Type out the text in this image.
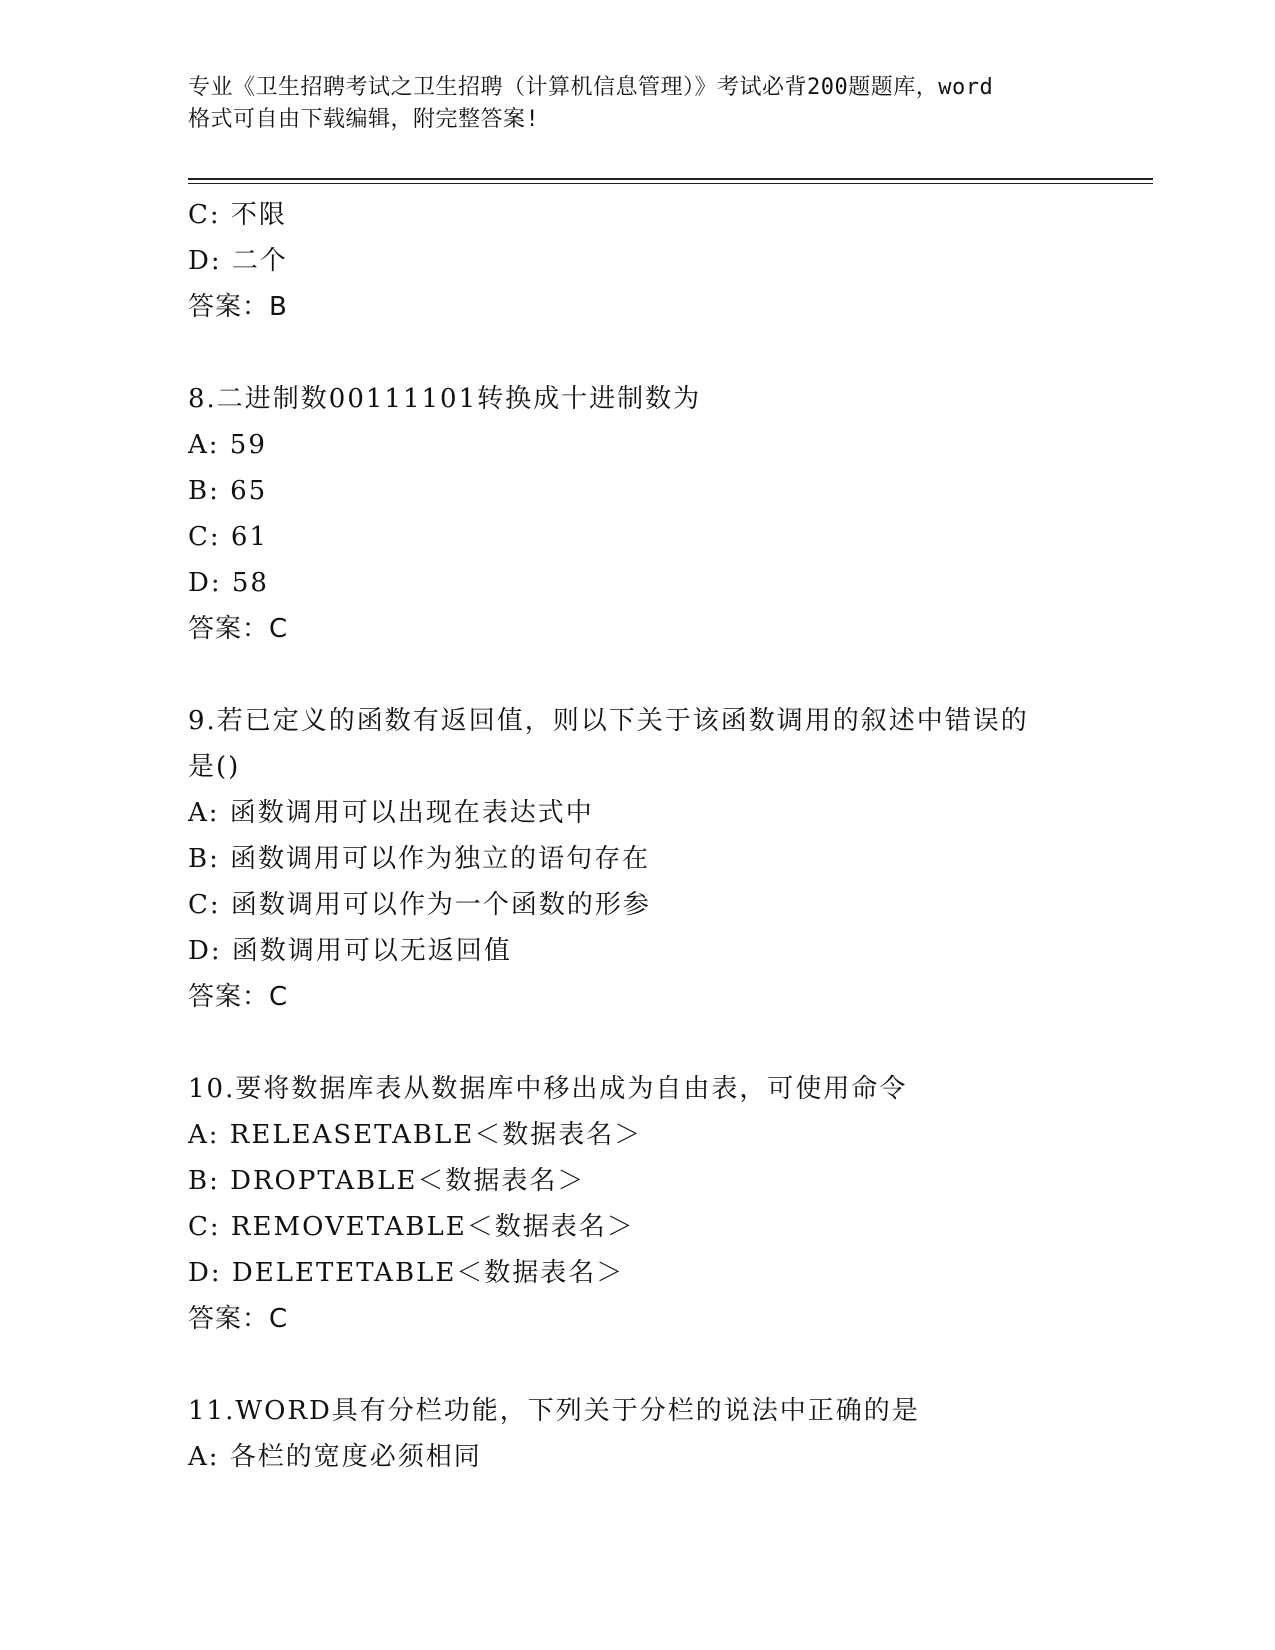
专业《卫生招聘考试之卫生招聘（计算机信息管理）》考试必背200题题库，word
格式可自由下载编辑，附完整答案!
C: 不限
D: 二个
答案：B
8.二进制数00111101转换成十进制数为
A: 59
B: 65
C: 61
D: 58
答案：C
9.若已定义的函数有返回值，则以下关于该函数调用的叙述中错误的
是()
A: 函数调用可以出现在表达式中
B: 函数调用可以作为独立的语句存在
C: 函数调用可以作为一个函数的形参
D: 函数调用可以无返回值
答案：C
10.要将数据库表从数据库中移出成为自由表，可使用命令
A: RELEASETABLE＜数据表名＞
B: DROPTABLE＜数据表名＞
C: REMOVETABLE＜数据表名＞
D: DELETETABLE＜数据表名＞
答案：C
11.WORD具有分栏功能，下列关于分栏的说法中正确的是
A: 各栏的宽度必须相同
